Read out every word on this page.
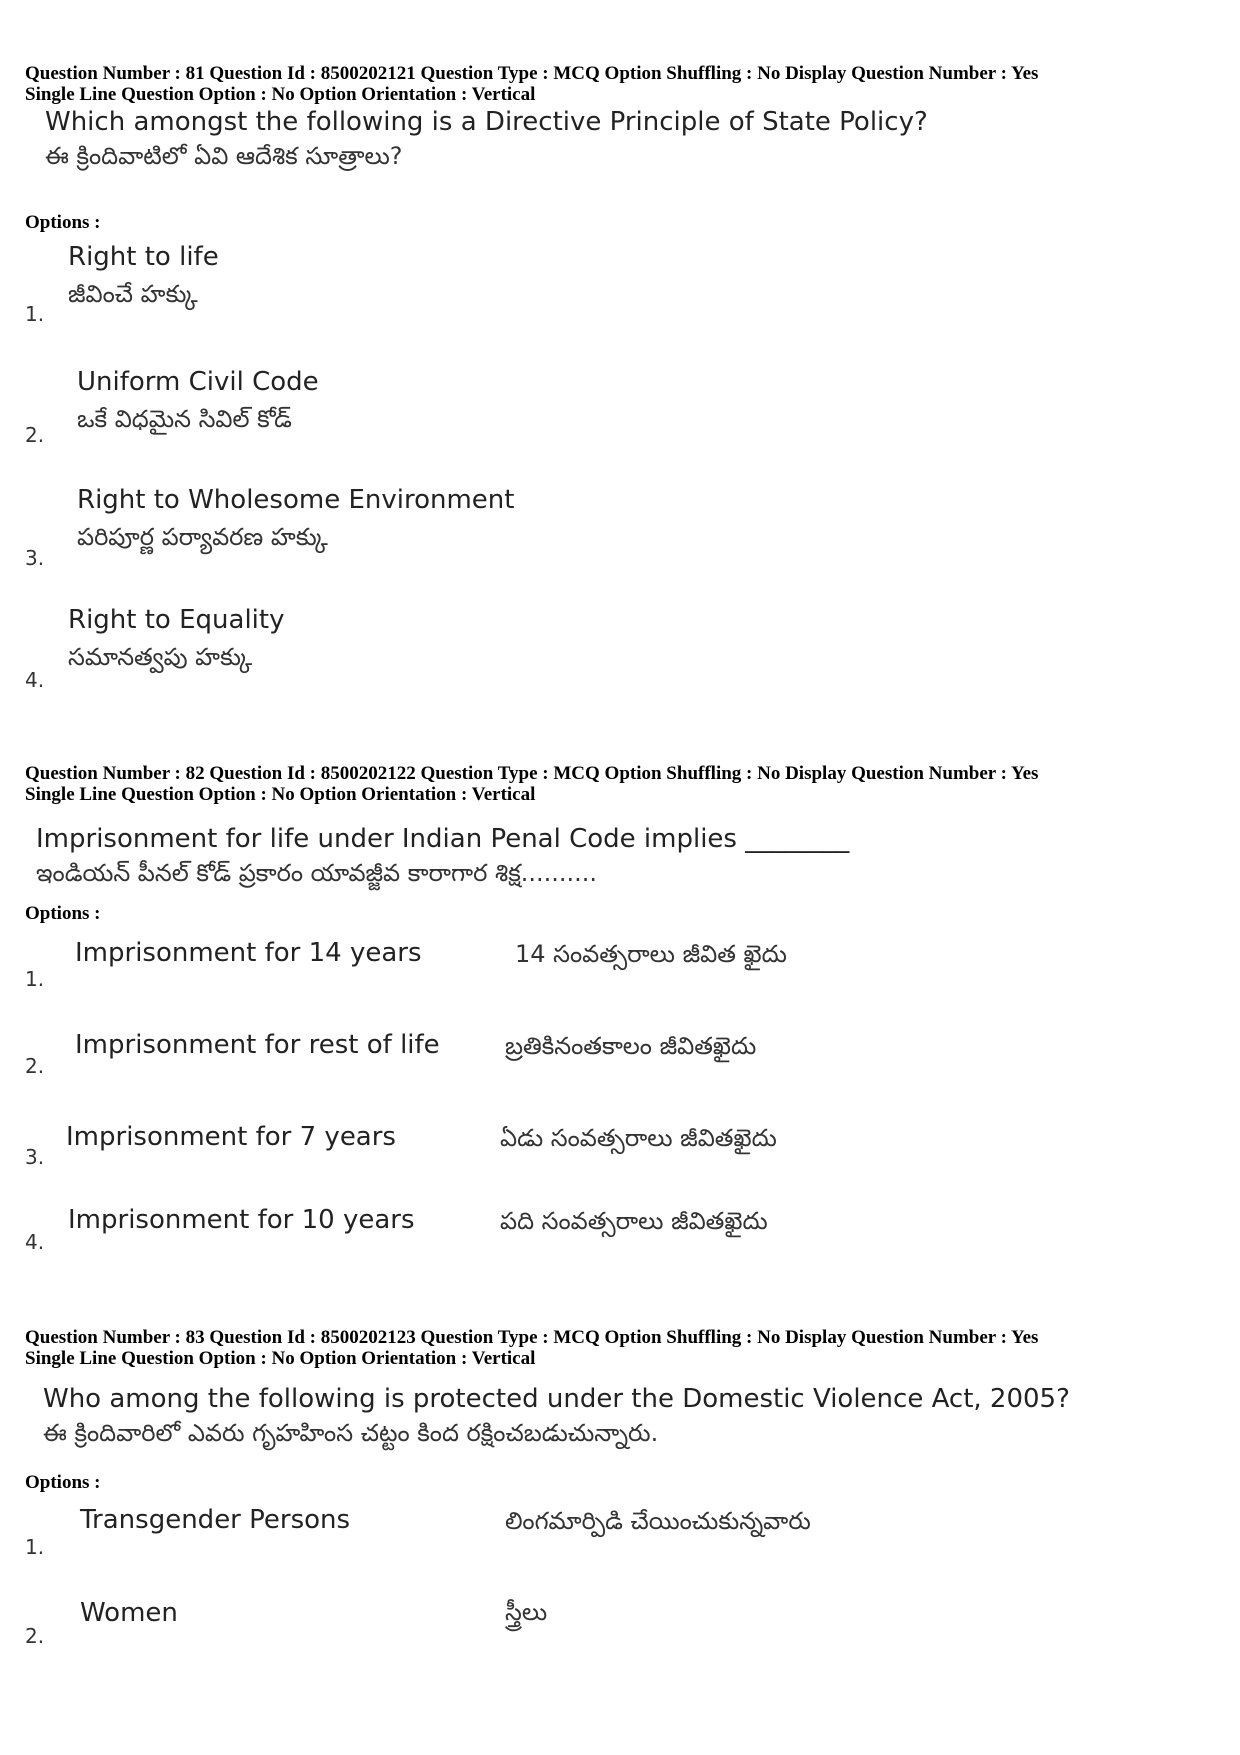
Question Number : 81 Question Id : 8500202121 Question Type : MCQ Option Shuffling : No Display Question Number : Yes
Single Line Question Option : No Option Orientation : Vertical
Which amongst the following is a Directive Principle of State Policy?
ఈ క్రిందివాటిలో ఏవి ఆదేశిక సూత్రాలు?
Options :
Right to life
జీవించే హక్కు
1.
Uniform Civil Code
ఒకే విధమైన సివిల్ కోడ్
2.
Right to Wholesome Environment
పరిపూర్ణ పర్యావరణ హక్కు
3.
Right to Equality
సమానత్వపు హక్కు
4.
Question Number : 82 Question Id : 8500202122 Question Type : MCQ Option Shuffling : No Display Question Number : Yes
Single Line Question Option : No Option Orientation : Vertical
Imprisonment for life under Indian Penal Code implies ________
ఇండియన్ పీనల్ కోడ్ ప్రకారం యావజ్జీవ కారాగార శిక్ష..........
Options :
Imprisonment for 14 years	14 సంవత్సరాలు జీవిత ఖైదు
1.
Imprisonment for rest of life	బ్రతికినంతకాలం జీవితఖైదు
2.
Imprisonment for 7 years	ఏడు సంవత్సరాలు జీవితఖైదు
3.
Imprisonment for 10 years	పది సంవత్సరాలు జీవితఖైదు
4.
Question Number : 83 Question Id : 8500202123 Question Type : MCQ Option Shuffling : No Display Question Number : Yes
Single Line Question Option : No Option Orientation : Vertical
Who among the following is protected under the Domestic Violence Act, 2005?
ఈ క్రిందివారిలో ఎవరు గృహహింస చట్టం కింద రక్షించబడుచున్నారు.
Options :
Transgender Persons	లింగమార్పిడి చేయించుకున్నవారు
1.
Women	స్త్రీలు
2.
